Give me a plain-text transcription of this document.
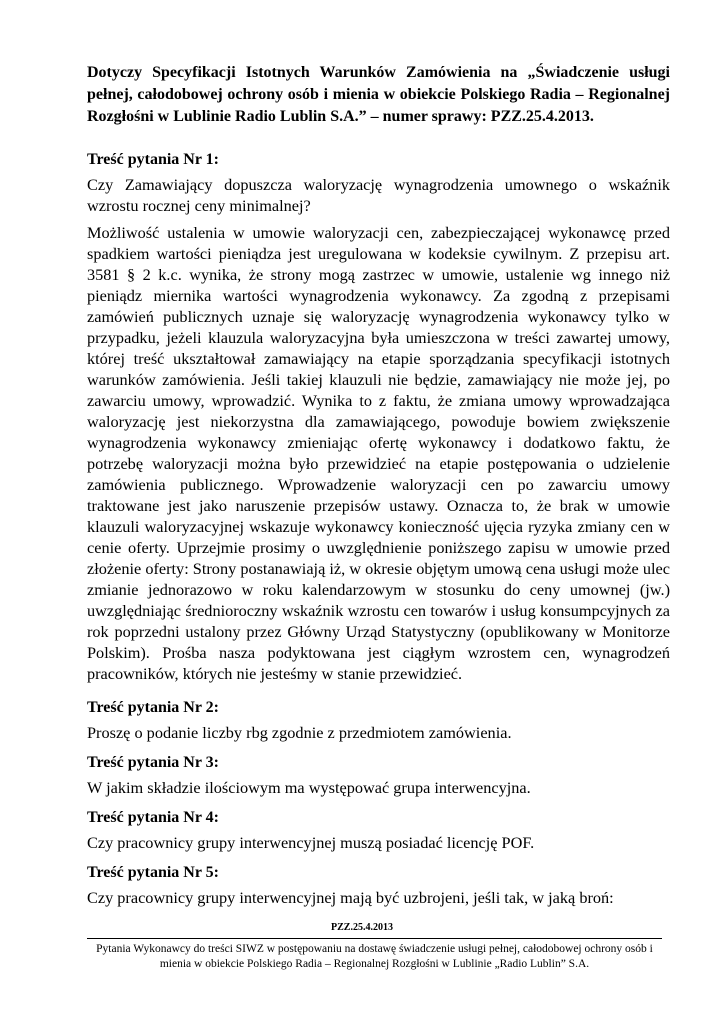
Dotyczy Specyfikacji Istotnych Warunków Zamówienia na „Świadczenie usługi pełnej, całodobowej ochrony osób i mienia w obiekcie Polskiego Radia – Regionalnej Rozgłośni w Lublinie Radio Lublin S.A.” – numer sprawy: PZZ.25.4.2013.
Treść pytania Nr 1:
Czy Zamawiający dopuszcza waloryzację wynagrodzenia umownego o wskaźnik wzrostu rocznej ceny minimalnej?
Możliwość ustalenia w umowie waloryzacji cen, zabezpieczającej wykonawcę przed spadkiem wartości pieniądza jest uregulowana w kodeksie cywilnym. Z przepisu art. 3581 § 2 k.c. wynika, że strony mogą zastrzec w umowie, ustalenie wg innego niż pieniądz miernika wartości wynagrodzenia wykonawcy. Za zgodną z przepisami zamówień publicznych uznaje się waloryzację wynagrodzenia wykonawcy tylko w przypadku, jeżeli klauzula waloryzacyjna była umieszczona w treści zawartej umowy, której treść ukształtował zamawiający na etapie sporządzania specyfikacji istotnych warunków zamówienia. Jeśli takiej klauzuli nie będzie, zamawiający nie może jej, po zawarciu umowy, wprowadzić. Wynika to z faktu, że zmiana umowy wprowadzająca waloryzację jest niekorzystna dla zamawiającego, powoduje bowiem zwiększenie wynagrodzenia wykonawcy zmieniając ofertę wykonawcy i dodatkowo faktu, że potrzebę waloryzacji można było przewidzieć na etapie postępowania o udzielenie zamówienia publicznego. Wprowadzenie waloryzacji cen po zawarciu umowy traktowane jest jako naruszenie przepisów ustawy. Oznacza to, że brak w umowie klauzuli waloryzacyjnej wskazuje wykonawcy konieczność ujęcia ryzyka zmiany cen w cenie oferty. Uprzejmie prosimy o uwzględnienie poniższego zapisu w umowie przed złożenie oferty: Strony postanawiają iż, w okresie objętym umową cena usługi może ulec zmianie jednorazowo w roku kalendarzowym w stosunku do ceny umownej (jw.) uwzględniając średnioroczny wskaźnik wzrostu cen towarów i usług konsumpcyjnych za rok poprzedni ustalony przez Główny Urząd Statystyczny (opublikowany w Monitorze Polskim). Prośba nasza podyktowana jest ciągłym wzrostem cen, wynagrodzeń pracowników, których nie jesteśmy w stanie przewidzieć.
Treść pytania Nr 2:
Proszę o podanie liczby rbg zgodnie z przedmiotem zamówienia.
Treść pytania Nr 3:
W jakim składzie ilościowym ma występować grupa interwencyjna.
Treść pytania Nr 4:
Czy pracownicy grupy interwencyjnej muszą posiadać licencję POF.
Treść pytania Nr 5:
Czy pracownicy grupy interwencyjnej mają być uzbrojeni, jeśli tak, w jaką broń:
PZZ.25.4.2013
Pytania Wykonawcy do treści SIWZ w postępowaniu na dostawę świadczenie usługi pełnej, całodobowej ochrony osób i mienia w obiekcie Polskiego Radia – Regionalnej Rozgłośni w Lublinie „Radio Lublin” S.A.
